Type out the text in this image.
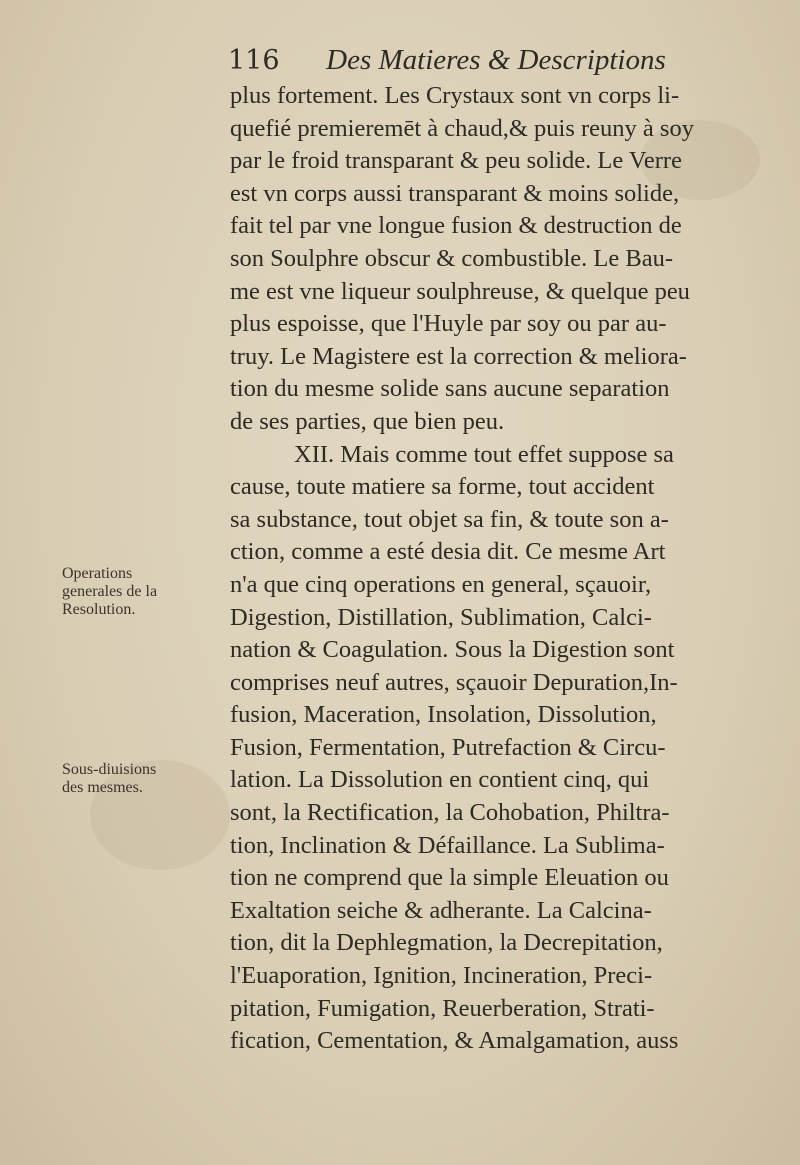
116 Des Matieres & Descriptions
plus fortement. Les Crystaux sont vn corps li-
quefié premieremēt à chaud,& puis reuny à soy
par le froid transparant & peu solide. Le Verre
est vn corps aussi transparant & moins solide,
fait tel par vne longue fusion & destruction de
son Soulphre obscur & combustible. Le Bau-
me est vne liqueur soulphreuse, & quelque peu
plus espoisse, que l'Huyle par soy ou par au-
truy. Le Magistere est la correction & meliora-
tion du mesme solide sans aucune separation
de ses parties, que bien peu.
XII. Mais comme tout effet suppose sa
cause, toute matiere sa forme, tout accident
sa substance, tout objet sa fin, & toute son a-
ction, comme a esté desia dit. Ce mesme Art
n'a que cinq operations en general, sçauoir,
Digestion, Distillation, Sublimation, Calci-
nation & Coagulation. Sous la Digestion sont
comprises neuf autres, sçauoir Depuration,In-
fusion, Maceration, Insolation, Dissolution,
Fusion, Fermentation, Putrefaction & Circu-
lation. La Dissolution en contient cinq, qui
sont, la Rectification, la Cohobation, Philtra-
tion, Inclination & Défaillance. La Sublima-
tion ne comprend que la simple Eleuation ou
Exaltation seiche & adherante. La Calcina-
tion, dit la Dephlegmation, la Decrepitation,
l'Euaporation, Ignition, Incineration, Preci-
pitation, Fumigation, Reuerberation, Strati-
fication, Cementation, & Amalgamation, auss
Operations
generales de la
Resolution.
Sous-diuisions
des mesmes.
